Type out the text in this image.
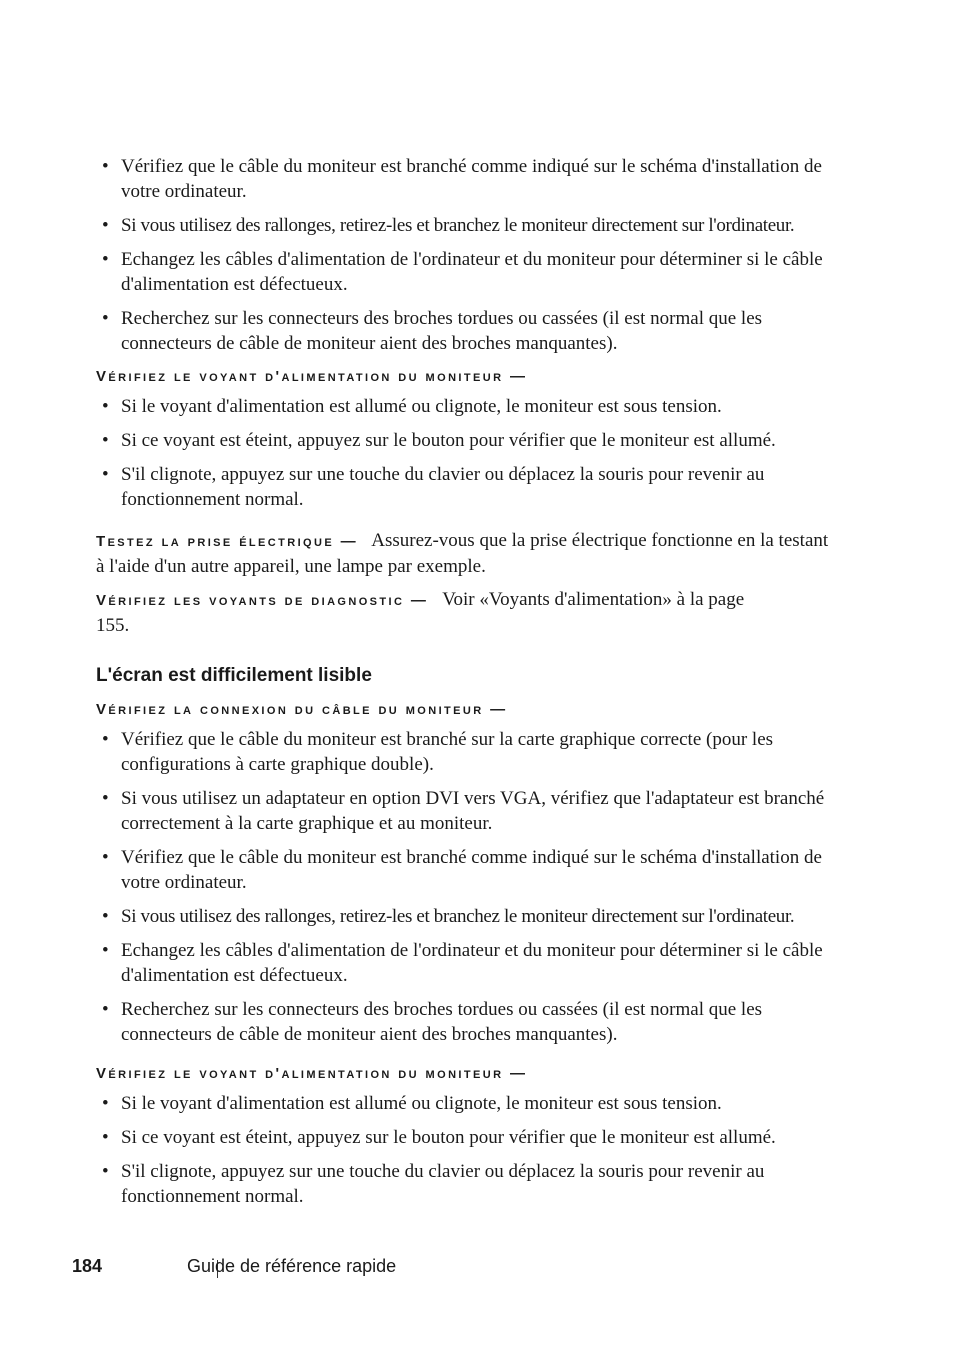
• Vérifiez que le câble du moniteur est branché comme indiqué sur le schéma d'installation de votre ordinateur.
• Si vous utilisez des rallonges, retirez-les et branchez le moniteur directement sur l'ordinateur.
• Echangez les câbles d'alimentation de l'ordinateur et du moniteur pour déterminer si le câble d'alimentation est défectueux.
• Recherchez sur les connecteurs des broches tordues ou cassées (il est normal que les connecteurs de câble de moniteur aient des broches manquantes).
Vérifiez le voyant d'alimentation du moniteur —
• Si le voyant d'alimentation est allumé ou clignote, le moniteur est sous tension.
• Si ce voyant est éteint, appuyez sur le bouton pour vérifier que le moniteur est allumé.
• S'il clignote, appuyez sur une touche du clavier ou déplacez la souris pour revenir au fonctionnement normal.

Testez la prise électrique — Assurez-vous que la prise électrique fonctionne en la testant à l'aide d'un autre appareil, une lampe par exemple.

Vérifiez les voyants de diagnostic — Voir «Voyants d'alimentation» à la page 155.

L'écran est difficilement lisible
Vérifiez la connexion du câble du moniteur —
• Vérifiez que le câble du moniteur est branché sur la carte graphique correcte (pour les configurations à carte graphique double).
• Si vous utilisez un adaptateur en option DVI vers VGA, vérifiez que l'adaptateur est branché correctement à la carte graphique et au moniteur.
• Vérifiez que le câble du moniteur est branché comme indiqué sur le schéma d'installation de votre ordinateur.
• Si vous utilisez des rallonges, retirez-les et branchez le moniteur directement sur l'ordinateur.
• Echangez les câbles d'alimentation de l'ordinateur et du moniteur pour déterminer si le câble d'alimentation est défectueux.
• Recherchez sur les connecteurs des broches tordues ou cassées (il est normal que les connecteurs de câble de moniteur aient des broches manquantes).
Vérifiez le voyant d'alimentation du moniteur —
• Si le voyant d'alimentation est allumé ou clignote, le moniteur est sous tension.
• Si ce voyant est éteint, appuyez sur le bouton pour vérifier que le moniteur est allumé.
• S'il clignote, appuyez sur une touche du clavier ou déplacez la souris pour revenir au fonctionnement normal.
184	Guide de référence rapide
